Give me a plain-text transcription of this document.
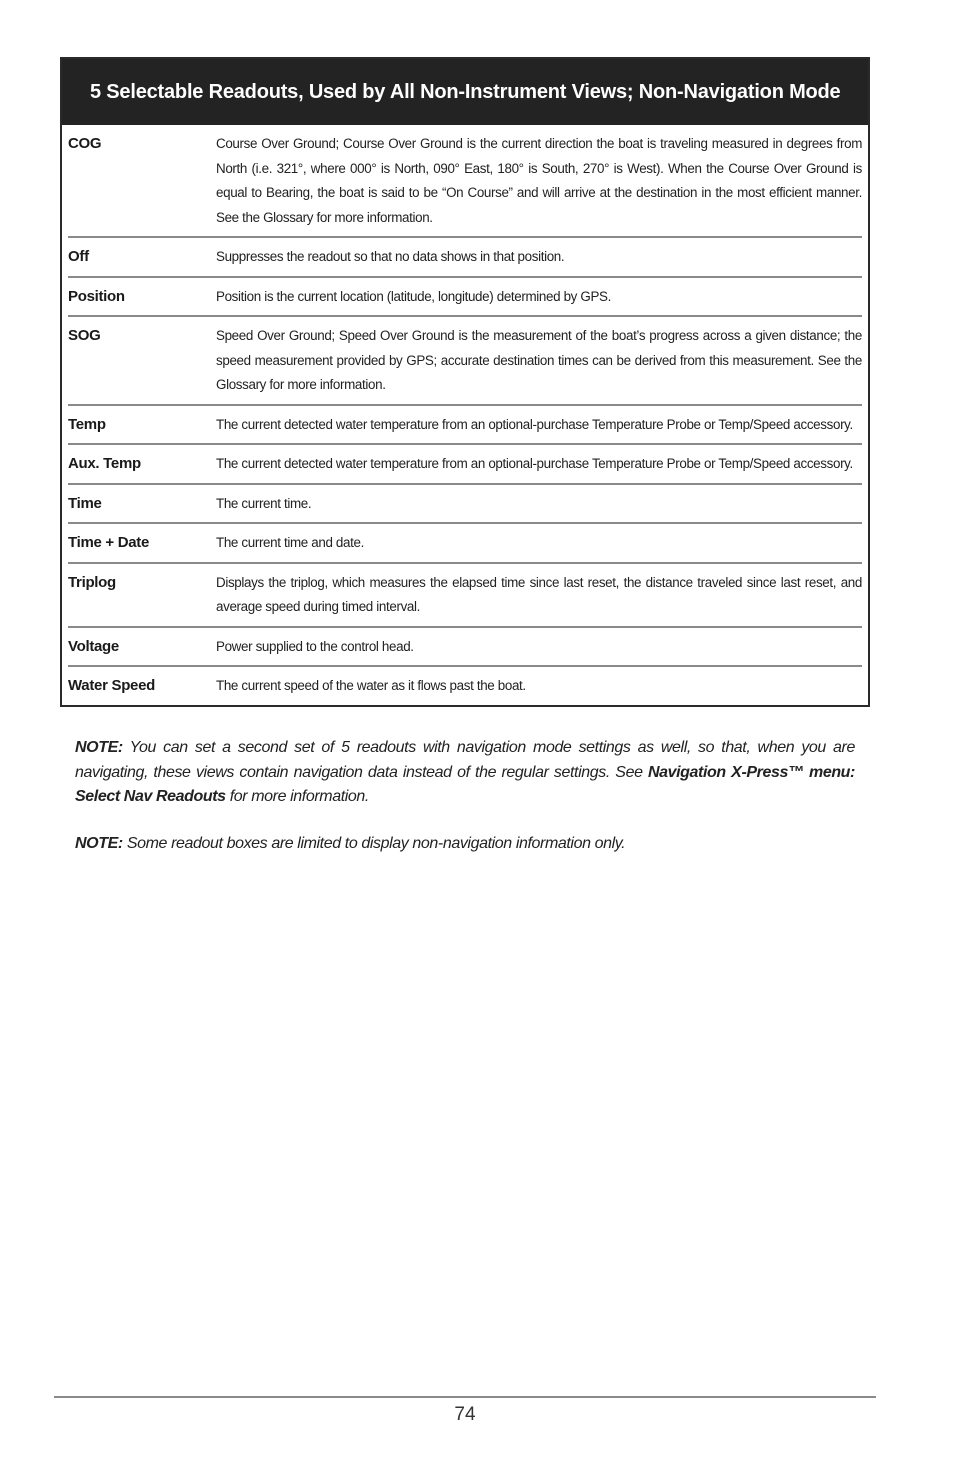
5 Selectable Readouts, Used by All Non-Instrument Views; Non-Navigation Mode
COG	Course Over Ground; Course Over Ground is the current direction the boat is traveling measured in degrees from North (i.e. 321°, where 000° is North, 090° East, 180° is South, 270° is West). When the Course Over Ground is equal to Bearing, the boat is said to be “On Course” and will arrive at the destination in the most efficient manner. See the Glossary for more information.
Off	Suppresses the readout so that no data shows in that position.
Position	Position is the current location (latitude, longitude) determined by GPS.
SOG	Speed Over Ground; Speed Over Ground is the measurement of the boat’s progress across a given distance; the speed measurement provided by GPS; accurate destination times can be derived from this measurement. See the Glossary for more information.
Temp	The current detected water temperature from an optional-purchase Temperature Probe or Temp/Speed accessory.
Aux. Temp	The current detected water temperature from an optional-purchase Temperature Probe or Temp/Speed accessory.
Time	The current time.
Time + Date	The current time and date.
Triplog	Displays the triplog, which measures the elapsed time since last reset, the distance traveled since last reset, and average speed during timed interval.
Voltage	Power supplied to the control head.
Water Speed	The current speed of the water as it flows past the boat.

NOTE: You can set a second set of 5 readouts with navigation mode settings as well, so that, when you are navigating, these views contain navigation data instead of the regular settings. See Navigation X-Press™ menu: Select Nav Readouts for more information.

NOTE: Some readout boxes are limited to display non-navigation information only.

74
